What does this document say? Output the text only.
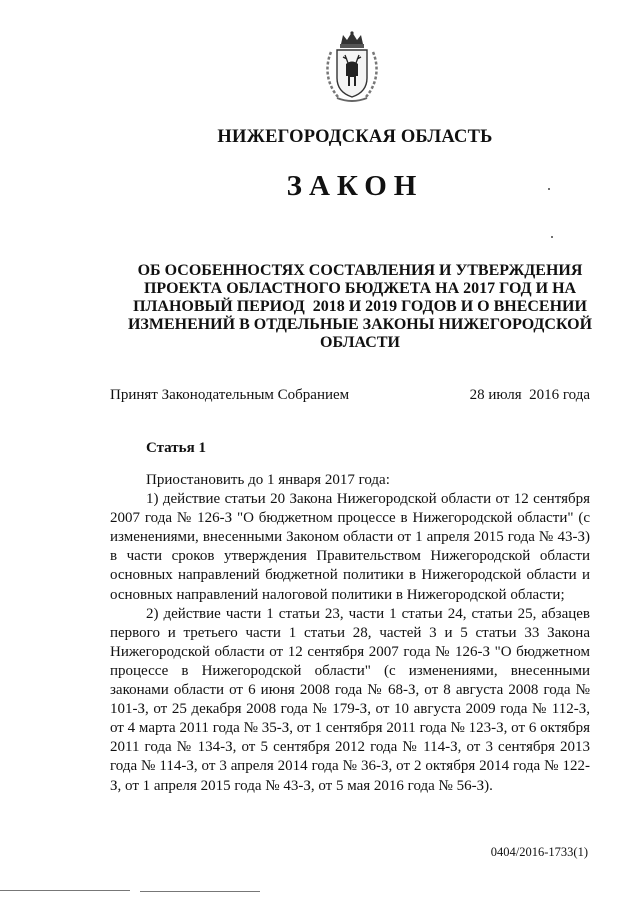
НИЖЕГОРОДСКАЯ ОБЛАСТЬ
ЗАКОН
ОБ ОСОБЕННОСТЯХ СОСТАВЛЕНИЯ И УТВЕРЖДЕНИЯ
ПРОЕКТА ОБЛАСТНОГО БЮДЖЕТА НА 2017 ГОД И НА
ПЛАНОВЫЙ ПЕРИОД  2018 И 2019 ГОДОВ И О ВНЕСЕНИИ
ИЗМЕНЕНИЙ В ОТДЕЛЬНЫЕ ЗАКОНЫ НИЖЕГОРОДСКОЙ
ОБЛАСТИ
Принят Законодательным Собранием	28 июля  2016 года
Статья 1

Приостановить до 1 января 2017 года:

1) действие статьи 20 Закона Нижегородской области от 12 сентября 2007 года № 126-З "О бюджетном процессе в Нижегородской области" (с изменениями, внесенными Законом области от 1 апреля 2015 года № 43-З) в части сроков утверждения Правительством Нижегородской области основных направлений бюджетной политики в Нижегородской области и основных направлений налоговой политики в Нижегородской области;

2) действие части 1 статьи 23, части 1 статьи 24, статьи 25, абзацев первого и третьего части 1 статьи 28, частей 3 и 5 статьи 33 Закона Нижегородской области от 12 сентября 2007 года № 126-З "О бюджетном процессе в Нижегородской области" (с изменениями, внесенными законами области от 6 июня 2008 года № 68-З, от 8 августа 2008 года № 101-З, от 25 декабря 2008 года № 179-З, от 10 августа 2009 года № 112-З, от 4 марта 2011 года № 35-З, от 1 сентября 2011 года № 123-З, от 6 октября 2011 года № 134-З, от 5 сентября 2012 года № 114-З, от 3 сентября 2013 года № 114-З, от 3 апреля 2014 года № 36-З, от 2 октября 2014 года № 122-З, от 1 апреля 2015 года № 43-З, от 5 мая 2016 года № 56-З).

0404/2016-1733(1)
